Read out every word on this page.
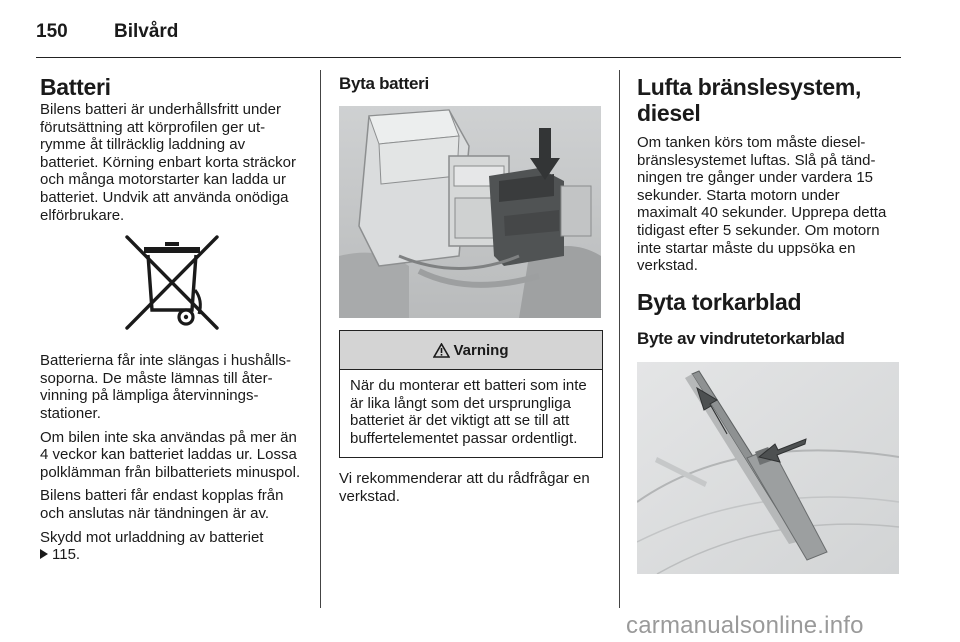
150	Bilvård
Batteri

Bilens batteri är underhållsfritt under förutsättning att körprofilen ger utrymme åt tillräcklig laddning av batteriet. Körning enbart korta sträckor och många motorstarter kan ladda ur batteriet. Undvik att använda onödiga elförbrukare.

Batterierna får inte slängas i hushållssoporna. De måste lämnas till återvinning på lämpliga återvinningsstationer.

Om bilen inte ska användas på mer än 4 veckor kan batteriet laddas ur. Lossa polklämman från bilbatteriets minuspol.

Bilens batteri får endast kopplas från och anslutas när tändningen är av.

Skydd mot urladdning av batteriet
115.

Byta batteri
Varning
När du monterar ett batteri som inte är lika långt som det ursprungliga batteriet är det viktigt att se till att buffertelementet passar ordentligt.

Vi rekommenderar att du rådfrågar en verkstad.

Lufta bränslesystem, diesel

Om tanken körs tom måste dieselbränslesystemet luftas. Slå på tändningen tre gånger under vardera 15 sekunder. Starta motorn under maximalt 40 sekunder. Upprepa detta tidigast efter 5 sekunder. Om motorn inte startar måste du uppsöka en verkstad.

Byta torkarblad
Byte av vindrutetorkarblad
carmanualsonline.info
